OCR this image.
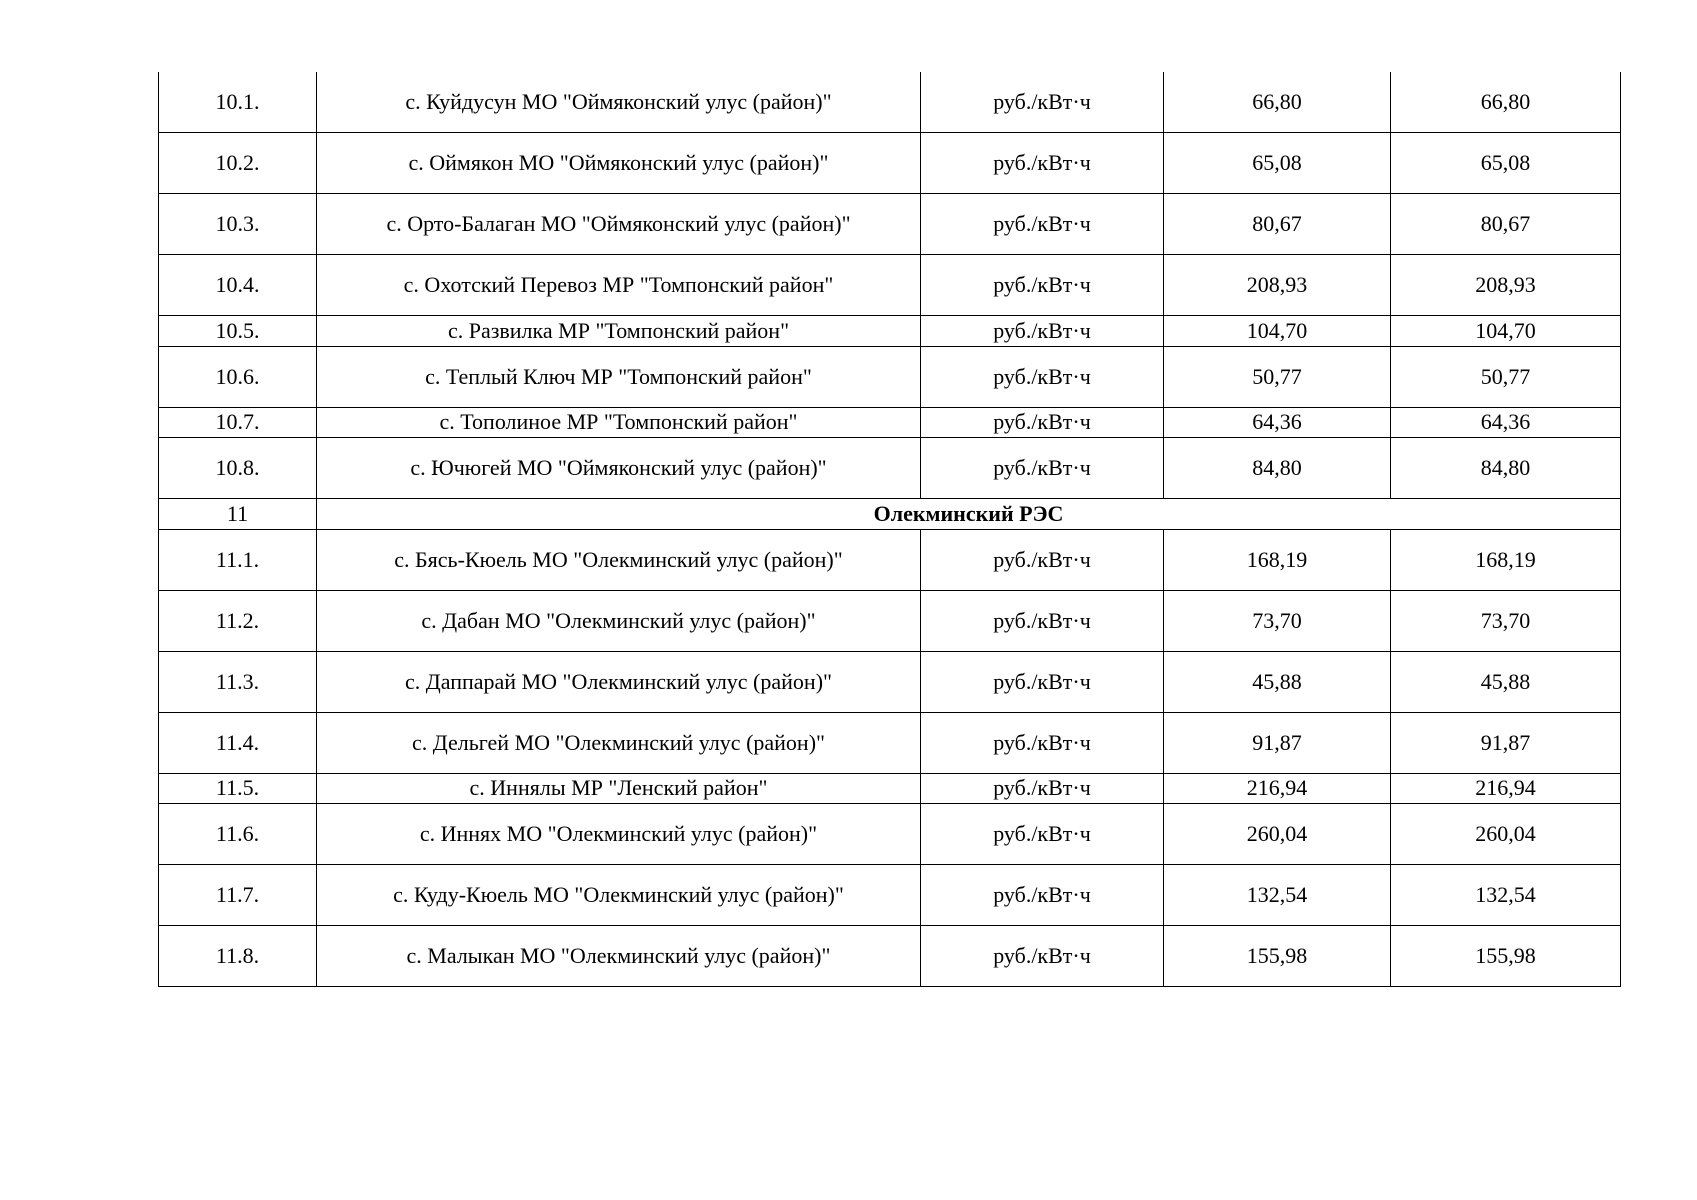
10.1.	с. Куйдусун МО "Оймяконский улус (район)"	руб./кВт·ч	66,80	66,80
10.2.	с. Оймякон МО "Оймяконский улус (район)"	руб./кВт·ч	65,08	65,08
10.3.	с. Орто-Балаган МО "Оймяконский улус (район)"	руб./кВт·ч	80,67	80,67
10.4.	с. Охотский Перевоз МР "Томпонский район"	руб./кВт·ч	208,93	208,93
10.5.	с. Развилка МР "Томпонский район"	руб./кВт·ч	104,70	104,70
10.6.	с. Теплый Ключ МР "Томпонский район"	руб./кВт·ч	50,77	50,77
10.7.	с. Тополиное МР "Томпонский район"	руб./кВт·ч	64,36	64,36
10.8.	с. Ючюгей МО "Оймяконский улус (район)"	руб./кВт·ч	84,80	84,80
11	Олекминский РЭС			
11.1.	с. Бясь-Кюель МО "Олекминский улус (район)"	руб./кВт·ч	168,19	168,19
11.2.	с. Дабан МО "Олекминский улус (район)"	руб./кВт·ч	73,70	73,70
11.3.	с. Даппарай МО "Олекминский улус (район)"	руб./кВт·ч	45,88	45,88
11.4.	с. Дельгей МО "Олекминский улус (район)"	руб./кВт·ч	91,87	91,87
11.5.	с. Иннялы МР "Ленский район"	руб./кВт·ч	216,94	216,94
11.6.	с. Иннях МО "Олекминский улус (район)"	руб./кВт·ч	260,04	260,04
11.7.	с. Куду-Кюель МО "Олекминский улус (район)"	руб./кВт·ч	132,54	132,54
11.8.	с. Малыкан МО "Олекминский улус (район)"	руб./кВт·ч	155,98	155,98
